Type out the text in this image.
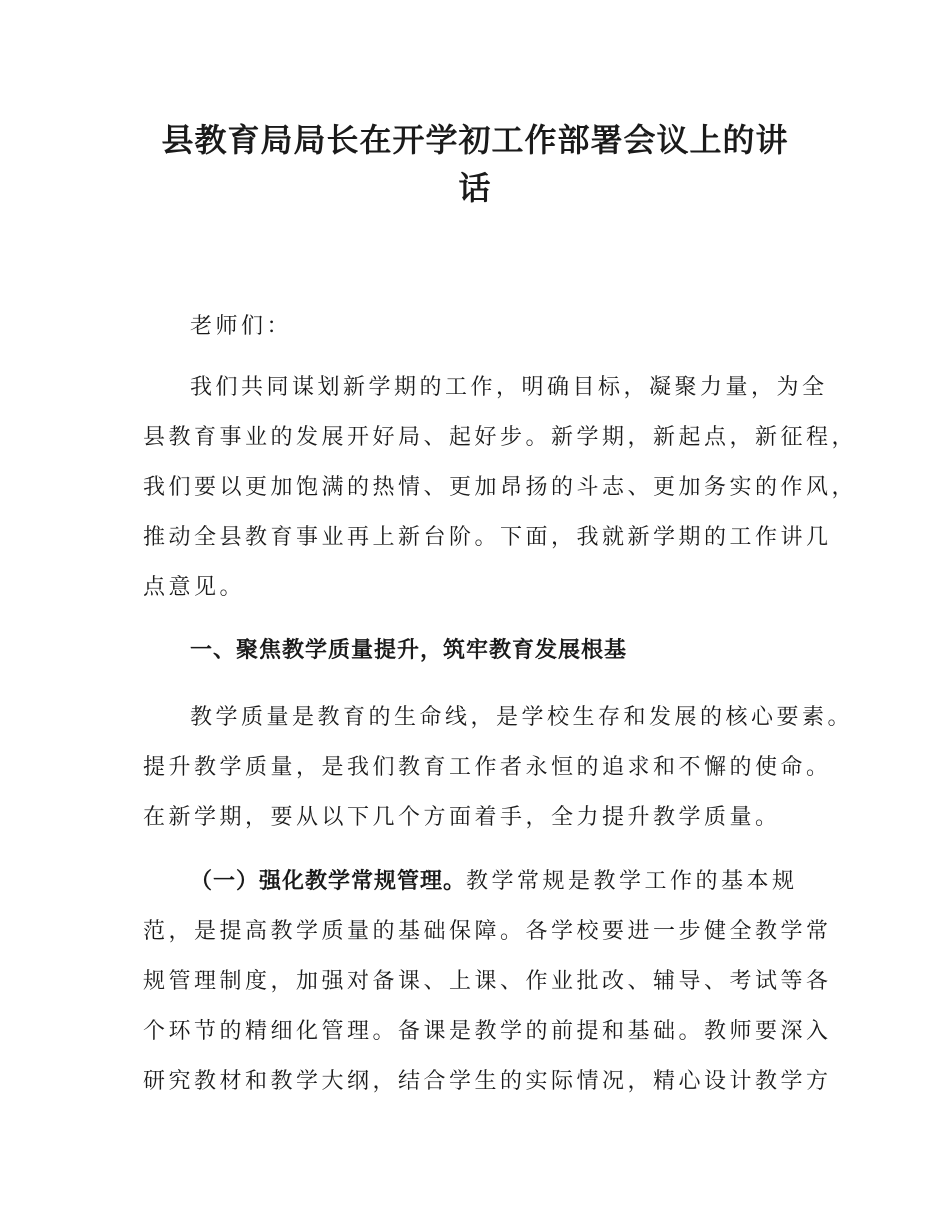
县教育局局长在开学初工作部署会议上的讲
话

老师们：

我们共同谋划新学期的工作，明确目标，凝聚力量，为全

县教育事业的发展开好局、起好步。新学期，新起点，新征程，

我们要以更加饱满的热情、更加昂扬的斗志、更加务实的作风，

推动全县教育事业再上新台阶。下面，我就新学期的工作讲几

点意见。

一、聚焦教学质量提升，筑牢教育发展根基

教学质量是教育的生命线，是学校生存和发展的核心要素。

提升教学质量，是我们教育工作者永恒的追求和不懈的使命。

在新学期，要从以下几个方面着手，全力提升教学质量。

（一）强化教学常规管理。教学常规是教学工作的基本规

范，是提高教学质量的基础保障。各学校要进一步健全教学常

规管理制度，加强对备课、上课、作业批改、辅导、考试等各

个环节的精细化管理。备课是教学的前提和基础。教师要深入

研究教材和教学大纲，结合学生的实际情况，精心设计教学方
